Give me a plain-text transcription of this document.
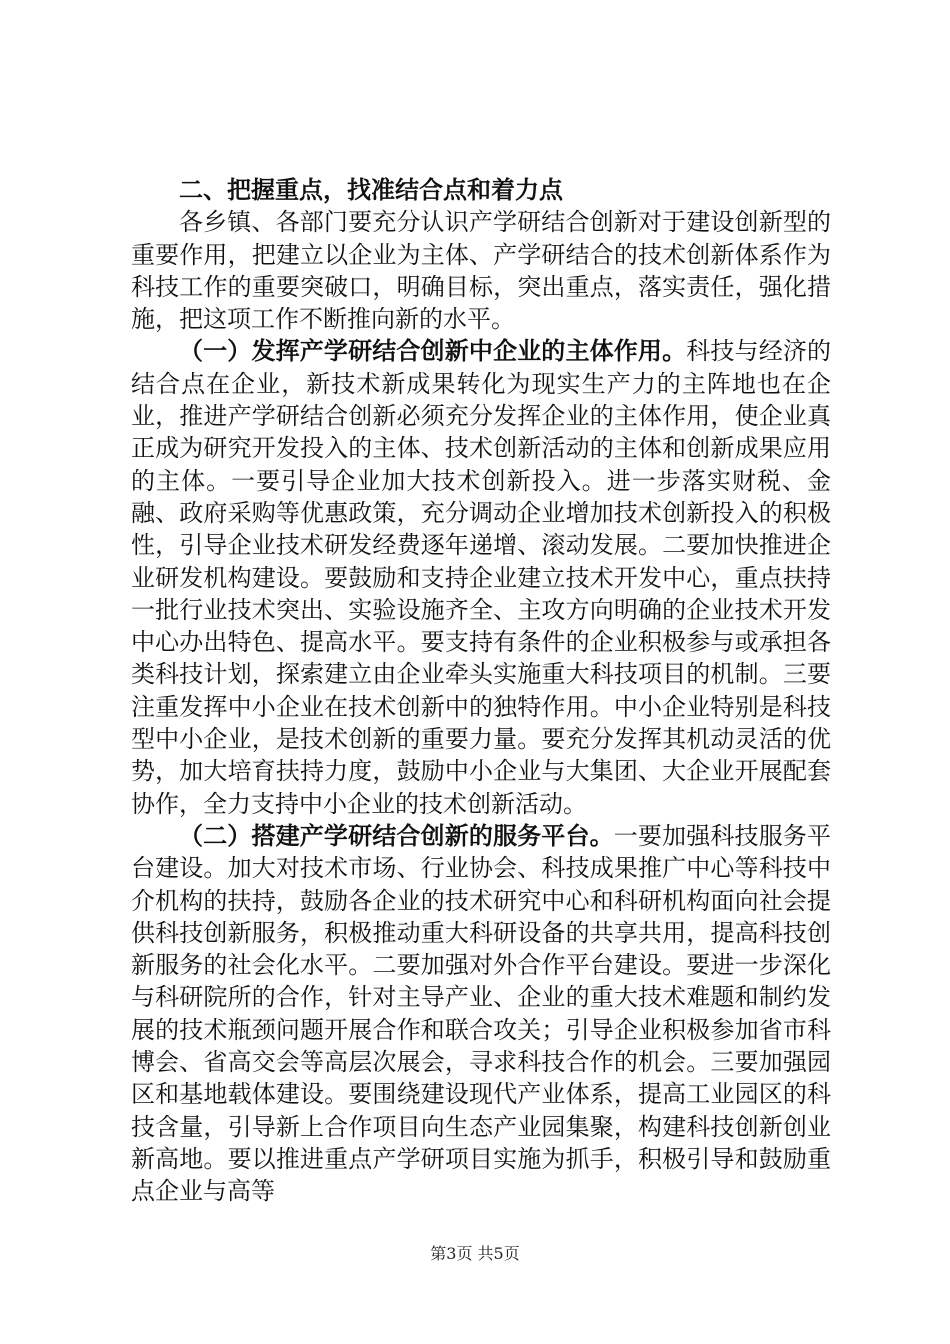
二、把握重点，找准结合点和着力点

各乡镇、各部门要充分认识产学研结合创新对于建设创新型的重要作用，把建立以企业为主体、产学研结合的技术创新体系作为科技工作的重要突破口，明确目标，突出重点，落实责任，强化措施，把这项工作不断推向新的水平。

（一）发挥产学研结合创新中企业的主体作用。科技与经济的结合点在企业，新技术新成果转化为现实生产力的主阵地也在企业，推进产学研结合创新必须充分发挥企业的主体作用，使企业真正成为研究开发投入的主体、技术创新活动的主体和创新成果应用的主体。一要引导企业加大技术创新投入。进一步落实财税、金融、政府采购等优惠政策，充分调动企业增加技术创新投入的积极性，引导企业技术研发经费逐年递增、滚动发展。二要加快推进企业研发机构建设。要鼓励和支持企业建立技术开发中心，重点扶持一批行业技术突出、实验设施齐全、主攻方向明确的企业技术开发中心办出特色、提高水平。要支持有条件的企业积极参与或承担各类科技计划，探索建立由企业牵头实施重大科技项目的机制。三要注重发挥中小企业在技术创新中的独特作用。中小企业特别是科技型中小企业，是技术创新的重要力量。要充分发挥其机动灵活的优势，加大培育扶持力度，鼓励中小企业与大集团、大企业开展配套协作，全力支持中小企业的技术创新活动。

（二）搭建产学研结合创新的服务平台。一要加强科技服务平台建设。加大对技术市场、行业协会、科技成果推广中心等科技中介机构的扶持，鼓励各企业的技术研究中心和科研机构面向社会提供科技创新服务，积极推动重大科研设备的共享共用，提高科技创新服务的社会化水平。二要加强对外合作平台建设。要进一步深化与科研院所的合作，针对主导产业、企业的重大技术难题和制约发展的技术瓶颈问题开展合作和联合攻关；引导企业积极参加省市科博会、省高交会等高层次展会，寻求科技合作的机会。三要加强园区和基地载体建设。要围绕建设现代产业体系，提高工业园区的科技含量，引导新上合作项目向生态产业园集聚，构建科技创新创业新高地。要以推进重点产学研项目实施为抓手，积极引导和鼓励重点企业与高等

第3页 共5页
